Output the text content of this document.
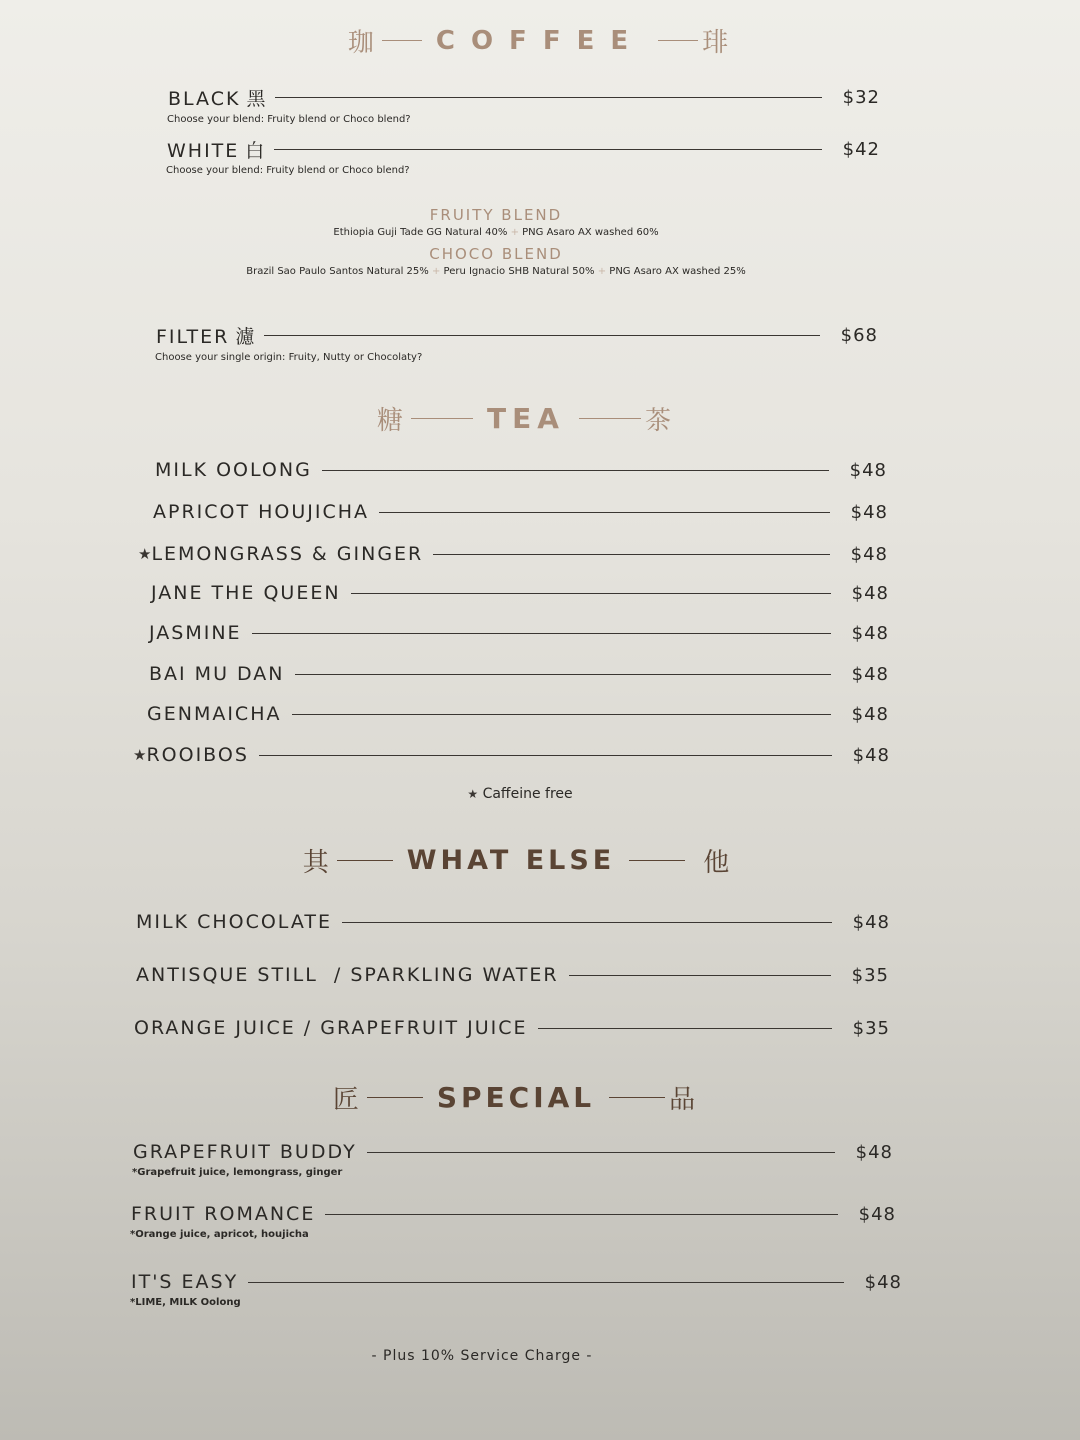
珈	COFFEE	琲
BLACK 黑	$32
Choose your blend: Fruity blend or Choco blend?
WHITE 白	$42
Choose your blend: Fruity blend or Choco blend?
FRUITY BLEND
Ethiopia Guji Tade GG Natural 40% + PNG Asaro AX washed 60%
CHOCO BLEND
Brazil Sao Paulo Santos Natural 25% + Peru Ignacio SHB Natural 50% + PNG Asaro AX washed 25%
FILTER 濾	$68
Choose your single origin: Fruity, Nutty or Chocolaty?
糖	TEA	茶
MILK OOLONG	$48
APRICOT HOUJICHA	$48
★ LEMONGRASS & GINGER	$48
JANE THE QUEEN	$48
JASMINE	$48
BAI MU DAN	$48
GENMAICHA	$48
★ ROOIBOS	$48
★ Caffeine free
其	WHAT ELSE	他
MILK CHOCOLATE	$48
ANTISQUE STILL  / SPARKLING WATER	$35
ORANGE JUICE / GRAPEFRUIT JUICE	$35
匠	SPECIAL	品
GRAPEFRUIT BUDDY	$48
*Grapefruit juice, lemongrass, ginger
FRUIT ROMANCE	$48
*Orange juice, apricot, houjicha
IT'S EASY	$48
*LIME, MILK Oolong
- Plus 10% Service Charge -
